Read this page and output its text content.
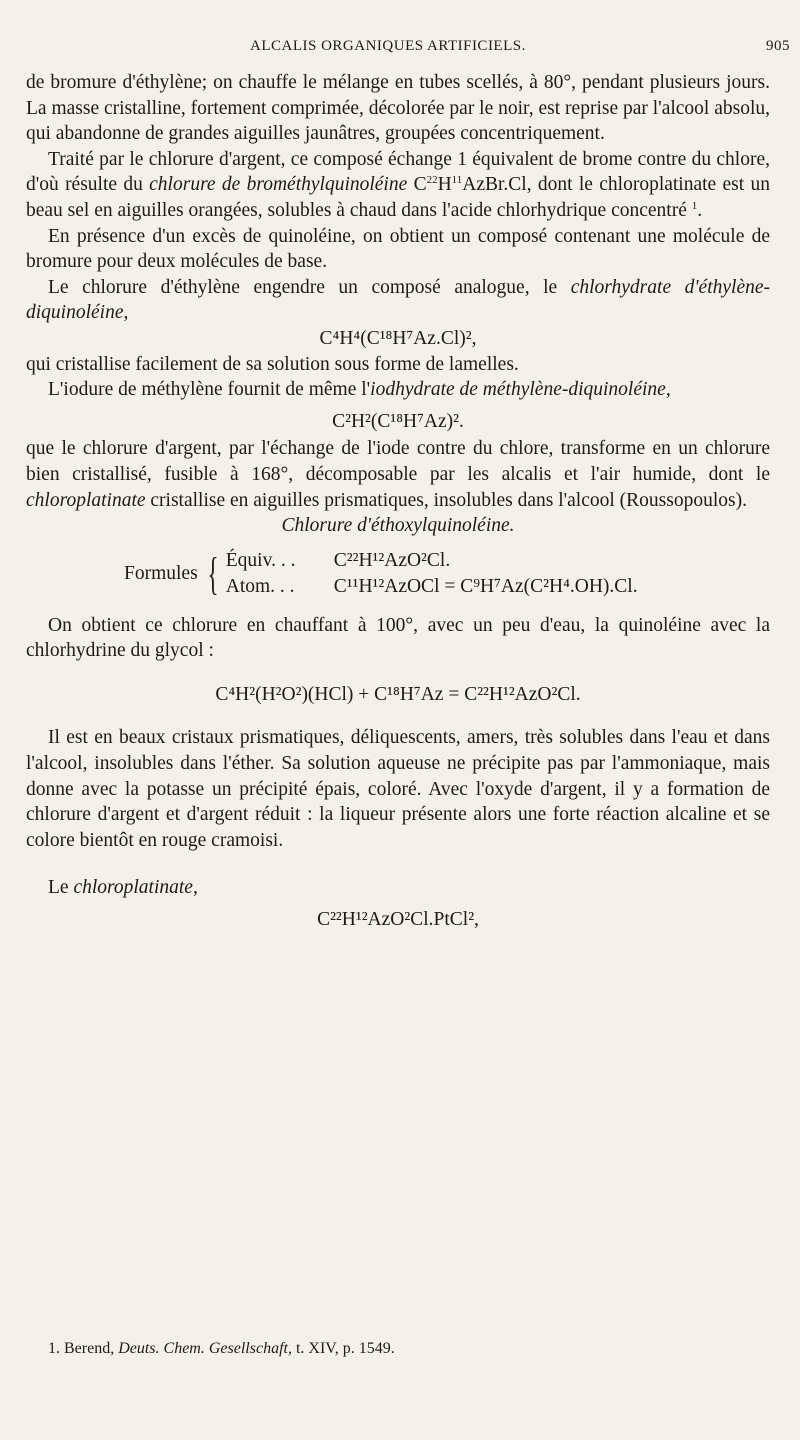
ALCALIS ORGANIQUES ARTIFICIELS.	905

de bromure d'éthylène; on chauffe le mélange en tubes scellés, à 80°, pendant plusieurs jours. La masse cristalline, fortement comprimée, décolorée par le noir, est reprise par l'alcool absolu, qui abandonne de grandes aiguilles jaunâtres, groupées concentriquement.

Traité par le chlorure d'argent, ce composé échange 1 équivalent de brome contre du chlore, d'où résulte du chlorure de brométhylquinoléine $C^{22}H^{11}AzBr.Cl$, dont le chloroplatinate est un beau sel en aiguilles orangées, solubles à chaud dans l'acide chlorhydrique concentré $^1$.

En présence d'un excès de quinoléine, on obtient un composé contenant une molécule de bromure pour deux molécules de base.

Le chlorure d'éthylène engendre un composé analogue, le chlorhydrate d'éthylène-diquinoléine,

C⁴H⁴(C¹⁸H⁷Az.Cl)²,

qui cristallise facilement de sa solution sous forme de lamelles.

L'iodure de méthylène fournit de même l'iodhydrate de méthylène-diquinoléine,

C²H²(C¹⁸H⁷Az)².

que le chlorure d'argent, par l'échange de l'iode contre du chlore, transforme en un chlorure bien cristallisé, fusible à 168°, décomposable par les alcalis et l'air humide, dont le chloroplatinate cristallise en aiguilles prismatiques, insolubles dans l'alcool (Roussopoulos).

Chlorure d'éthoxylquinoléine.

Formules { Équiv. . . C²²H¹²AzO²Cl.
Atom. . . C¹¹H¹²AzOCl = C⁹H⁷Az(C²H⁴.OH).Cl.

On obtient ce chlorure en chauffant à 100°, avec un peu d'eau, la quinoléine avec la chlorhydrine du glycol :

C⁴H²(H²O²)(HCl) + C¹⁸H⁷Az = C²²H¹²AzO²Cl.

Il est en beaux cristaux prismatiques, déliquescents, amers, très solubles dans l'eau et dans l'alcool, insolubles dans l'éther. Sa solution aqueuse ne précipite pas par l'ammoniaque, mais donne avec la potasse un précipité épais, coloré. Avec l'oxyde d'argent, il y a formation de chlorure d'argent et d'argent réduit : la liqueur présente alors une forte réaction alcaline et se colore bientôt en rouge cramoisi.

Le chloroplatinate,

C²²H¹²AzO²Cl.PtCl²,

1. Berend, Deuts. Chem. Gesellschaft, t. XIV, p. 1549.
